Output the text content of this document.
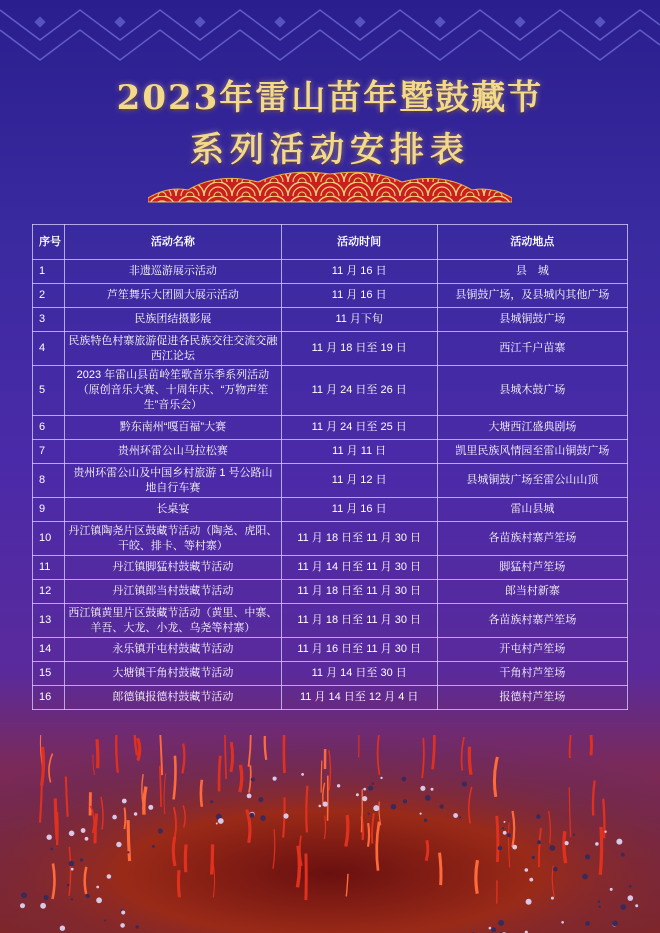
2023年雷山苗年暨鼓藏节
系列活动安排表
序号	活动名称	活动时间	活动地点
1	非遗巡游展示活动	11 月 16 日	县　城
2	芦笙舞乐大团圆大展示活动	11 月 16 日	县铜鼓广场，及县城内其他广场
3	民族团结摄影展	11 月下旬	县城铜鼓广场
4	民族特色村寨旅游促进各民族交往交流交融西江论坛	11 月 18 日至 19 日	西江千户苗寨
5	2023 年雷山县苗岭笙歌音乐季系列活动（原创音乐大赛、十周年庆、“万物声笙生”音乐会）	11 月 24 日至 26 日	县城木鼓广场
6	黔东南州“嘎百福”大赛	11 月 24 日至 25 日	大塘西江盛典剧场
7	贵州环雷公山马拉松赛	11 月 11 日	凯里民族风情园至雷山铜鼓广场
8	贵州环雷公山及中国乡村旅游 1 号公路山地自行车赛	11 月 12 日	县城铜鼓广场至雷公山山顶
9	长桌宴	11 月 16 日	雷山县城
10	丹江镇陶尧片区鼓藏节活动（陶尧、虎阳、干皎、排卡、等村寨）	11 月 18 日至 11 月 30 日	各苗族村寨芦笙场
11	丹江镇脚猛村鼓藏节活动	11 月 14 日至 11 月 30 日	脚猛村芦笙场
12	丹江镇郎当村鼓藏节活动	11 月 18 日至 11 月 30 日	郎当村新寨
13	西江镇黄里片区鼓藏节活动（黄里、中寨、羊吾、大龙、小龙、乌尧等村寨）	11 月 18 日至 11 月 30 日	各苗族村寨芦笙场
14	永乐镇开屯村鼓藏节活动	11 月 16 日至 11 月 30 日	开屯村芦笙场
15	大塘镇干角村鼓藏节活动	11 月 14 日至 30 日	干角村芦笙场
16	郎德镇报德村鼓藏节活动	11 月 14 日至 12 月 4 日	报德村芦笙场
